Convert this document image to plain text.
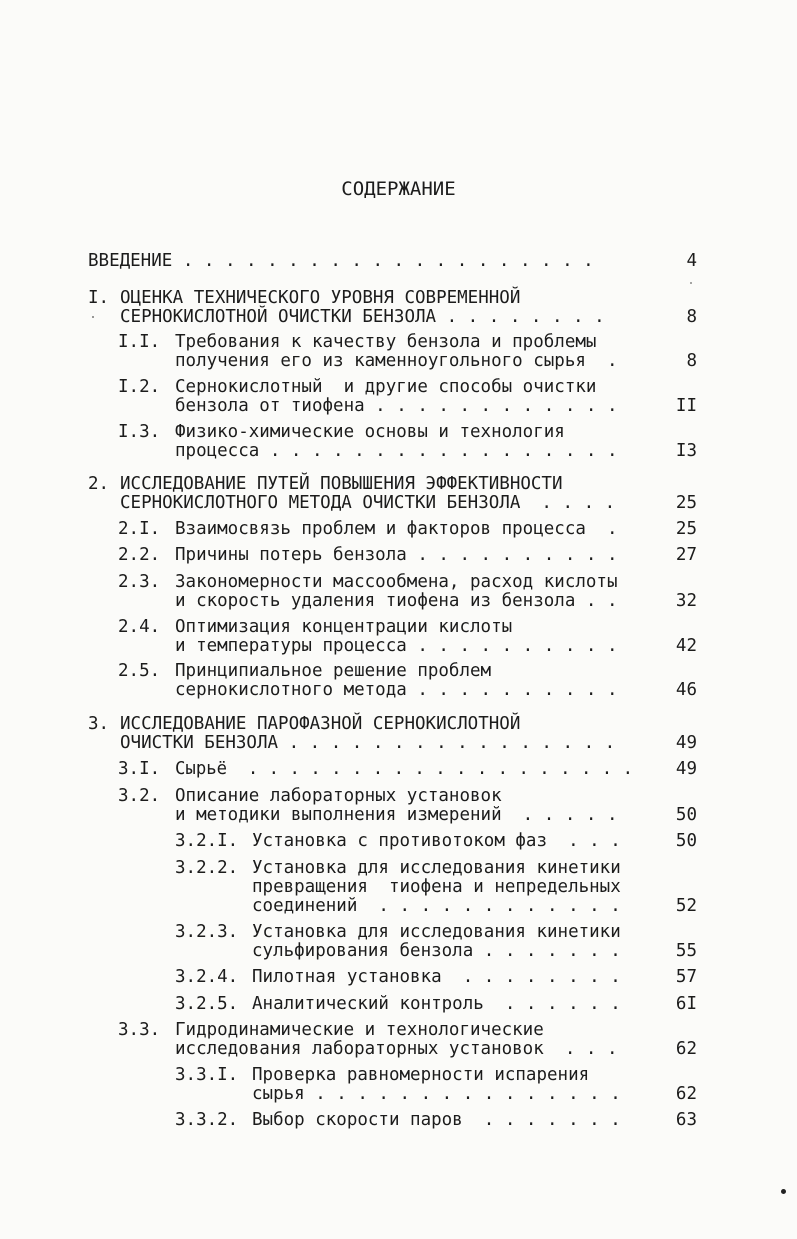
СОДЕРЖАНИЕ
ВВЕДЕНИЕ . . . . . . . . . . . . . . . . . . . .	4
I. ОЦЕНКА ТЕХНИЧЕСКОГО УРОВНЯ СОВРЕМЕННОЙ
СЕРНОКИСЛОТНОЙ ОЧИСТКИ БЕНЗОЛА . . . . . . . .	8
I.I. Требования к качеству бензола и проблемы
получения его из каменноугольного сырья  .	8
I.2. Сернокислотный  и другие способы очистки
бензола от тиофена . . . . . . . . . . . .	II
I.3. Физико-химические основы и технология
процесса . . . . . . . . . . . . . . . . .	I3
2. ИССЛЕДОВАНИЕ ПУТЕЙ ПОВЫШЕНИЯ ЭФФЕКТИВНОСТИ
СЕРНОКИСЛОТНОГО МЕТОДА ОЧИСТКИ БЕНЗОЛА  . . . .	25
2.I. Взаимосвязь проблем и факторов процесса  .	25
2.2. Причины потерь бензола . . . . . . . . . .	27
2.3. Закономерности массообмена, расход кислоты
и скорость удаления тиофена из бензола . .	32
2.4. Оптимизация концентрации кислоты
и температуры процесса . . . . . . . . . .	42
2.5. Принципиальное решение проблем
сернокислотного метода . . . . . . . . . .	46
3. ИССЛЕДОВАНИЕ ПАРОФАЗНОЙ СЕРНОКИСЛОТНОЙ
ОЧИСТКИ БЕНЗОЛА . . . . . . . . . . . . . . . .	49
3.I. Сырьё  . . . . . . . . . . . . . . . . . . .	49
3.2. Описание лабораторных установок
и методики выполнения измерений  . . . . .	50
3.2.I. Установка с противотоком фаз  . . .	50
3.2.2. Установка для исследования кинетики
превращения  тиофена и непредельных
соединений  . . . . . . . . . . . .	52
3.2.3. Установка для исследования кинетики
сульфирования бензола . . . . . . .	55
3.2.4. Пилотная установка  . . . . . . . .	57
3.2.5. Аналитический контроль  . . . . . .	6I
3.3. Гидродинамические и технологические
исследования лабораторных установок  . . .	62
3.3.I. Проверка равномерности испарения
сырья . . . . . . . . . . . . . . .	62
3.3.2. Выбор скорости паров  . . . . . . .	63
